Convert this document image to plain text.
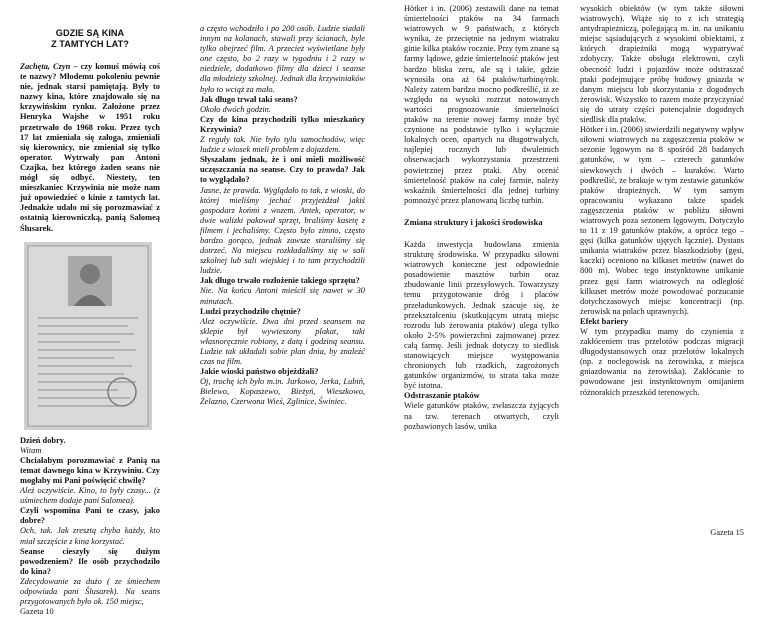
GDZIE SĄ KINA
Z TAMTYCH LAT?

Zachęta, Czyn – czy komuś mówią coś te nazwy? Młodemu pokoleniu pewnie nie, jednak starsi pamiętają. Były to nazwy kina, które znajdowało się na krzywińskim rynku. Założone przez Henryka Wajshe w 1951 roku przetrwało do 1968 roku. Przez tych 17 lat zmieniała się załoga, zmieniali się kierownicy, nie zmieniał się tylko operator. Wytrwały pan Antoni Czajka, bez którego żaden seans nie mógł się odbyć. Niestety, ten mieszkaniec Krzywinia nie może nam już opowiedzieć o kinie z tamtych lat. Jednakże udało mi się porozmawiać z ostatnią kierowniczką, panią Salomeą Ślusarek.

Dzień dobry.

Witam

Chciałabym porozmawiać z Panią na temat dawnego kina w Krzywiniu. Czy mogłaby mi Pani poświęcić chwilę?

Ależ oczywiście. Kino, to były czasy... (z uśmiechem dodaje pani Salomea).

Czyli wspomina Pani te czasy, jako dobre?

Och, tak. Jak zresztą chyba każdy, kto miał szczęście z kina korzystać.

Seanse cieszyły się dużym powodzeniem? Ile osób przychodziło do kina?

Zdecydowanie za dużo ( ze śmiechem odpowiada pani Ślusarek). Na seans przygotowanych było ok. 150 miejsc,

Gazeta 10

a często wchodziło i po 200 osób. Ludzie siadali innym na kolanach, stawali przy ścianach, byle tylko obejrzeć film. A przecież wyświetlane były one często, bo 2 razy w tygodniu i 2 razy w niedziele, dodatkowo filmy dla dzieci i seanse dla młodzieży szkolnej. Jednak dla krzywiniaków było to wciąż za mało.

Jak długo trwał taki seans?

Około dwóch godzin.

Czy do kina przychodzili tylko mieszkańcy Krzywinia?

Z reguły tak. Nie było tylu samochodów, więc ludzie z wiosek mieli problem z dojazdem.

Słyszałam jednak, że i oni mieli możliwość uczęszczania na seanse. Czy to prawda? Jak to wyglądało?

Jasne, że prawda. Wyglądało to tak, z wioski, do której mieliśmy jechać przyjeżdżał jakiś gospodarz końmi z wozem. Antek, operator, w dwie walizki pakował sprzęt, braliśmy kasetę z filmem i jechaliśmy. Często było zimno, często bardzo gorąco, jednak zawsze staraliśmy się dotrzeć. Na miejscu rozkładaliśmy się w sali szkolnej lub sali wiejskiej i to tam przychodzili ludzie.

Jak długo trwało rozłożenie takiego sprzętu?

Nie. Na końcu Antoni mieścił się nawet w 30 minutach.

Ludzi przychodziło chętnie?

Ależ oczywiście. Dwa dni przed seansem na sklepie był wywieszony plakat, taki własnoręcznie robiony, z datą i godziną seansu. Ludzie tak układali sobie plan dnia, by znaleźć czas na film.

Jakie wioski państwo objeżdżali?

Oj, trochę ich było m.in. Jurkowo, Jerka, Lubiń, Bielewo, Kopaszewo, Bieżyń, Wieszkowo, Żelazno, Czerwona Wieś, Zglinice, Świniec.

Hötker i in. (2006) zestawili dane na temat śmiertelności ptaków na 34 farmach wiatrowych w 9 państwach, z których wynika, że przeciętnie na jednym wiatraku ginie kilka ptaków rocznie. Przy tym znane są farmy lądowe, gdzie śmiertelność ptaków jest bardzo bliska zeru, ale są i takie, gdzie wynosiła ona aż 64 ptaków/turbinę/rok. Należy zatem bardzo mocno podkreślić, iż ze względu na wysoki rozrzut notowanych wartości prognozowanie śmiertelności ptaków na terenie nowej farmy może być czynione na podstawie tylko i wyłącznie lokalnych ocen, opartych na długotrwałych, najlepiej rocznych lub dwuletnich obserwacjach wykorzystania przestrzeni powietrznej przez ptaki. Aby ocenić śmiertelność ptaków na całej farmie, należy wskaźnik śmiertelności dla jednej turbiny pomnożyć przez planowaną liczbę turbin.

Zmiana struktury i jakości środowiska

Każda inwestycja budowlana zmienia strukturę środowiska. W przypadku siłowni wiatrowych konieczne jest odpowiednie posadowienie masztów turbin oraz zbudowanie linii przesyłowych. Towarzyszy temu przygotowanie dróg i placów przeładunkowych. Jednak szacuje się, że przekształceniu (skutkującym utratą miejsc rozrodu lub żerowania ptaków) ulega tylko około 2-5% powierzchni zajmowanej przez całą farmę. Jeśli jednak dotyczy to siedlisk stanowiących miejsce występowania chronionych lub rzadkich, zagrożonych gatunków organizmów, to strata taka może być istotna.

Odstraszanie ptaków

Wiele gatunków ptaków, zwłaszcza żyjących na tzw. terenach otwartych, czyli pozbawionych lasów, unika

wysokich obiektów (w tym także siłowni wiatrowych). Wiąże się to z ich strategią antydrapieżniczą, polegającą m. in. na unikaniu miejsc sąsiadujących z wysokimi obiektami, z których drapieżniki mogą wypatrywać zdobyczy. Także obsługa elektrowni, czyli obecność ludzi i pojazdów może odstraszać ptaki podejmujące próbę budowy gniazda w danym miejscu lub skorzystania z dogodnych żerowisk. Wszystko to razem może przyczyniać się do utraty części potencjalnie dogodnych siedlisk dla ptaków.

Hötker i in. (2006) stwierdzili negatywny wpływ siłowni wiatrowych na zagęszczenia ptaków w sezonie lęgowym na 8 spośród 28 badanych gatunków, w tym – czterech gatunków siewkowych i dwóch – kuraków. Warto podkreślić, że brakuje w tym zestawie gatunków ptaków drapieżnych. W tym samym opracowaniu wykazano także spadek zagęszczenia ptaków w pobliżu siłowni wiatrowych poza sezonem lęgowym. Dotyczyło to 11 z 19 gatunków ptaków, a oprócz tego – gęsi (kilka gatunków ujętych łącznie). Dystans unikania wiatraków przez blaszkodzioby (gęsi, kaczki) oceniono na kilkaset metrów (nawet do 800 m). Wobec tego instynktowne unikanie przez gęsi farm wiatrowych na odległość kilkuset metrów może powodować porzucanie dotychczasowych miejsc koncentracji (np. żerowisk na polach uprawnych).

Efekt bariery

W tym przypadku mamy do czynienia z zakłóceniem tras przelotów podczas migracji długodystansowych oraz przelotów lokalnych (np. z noclegowisk na żerowiska, z miejsca gniazdowania na żerowiska). Zakłócanie to powodowane jest instynktownym omijaniem różnorakich przeszkód terenowych.

Gazeta 15
